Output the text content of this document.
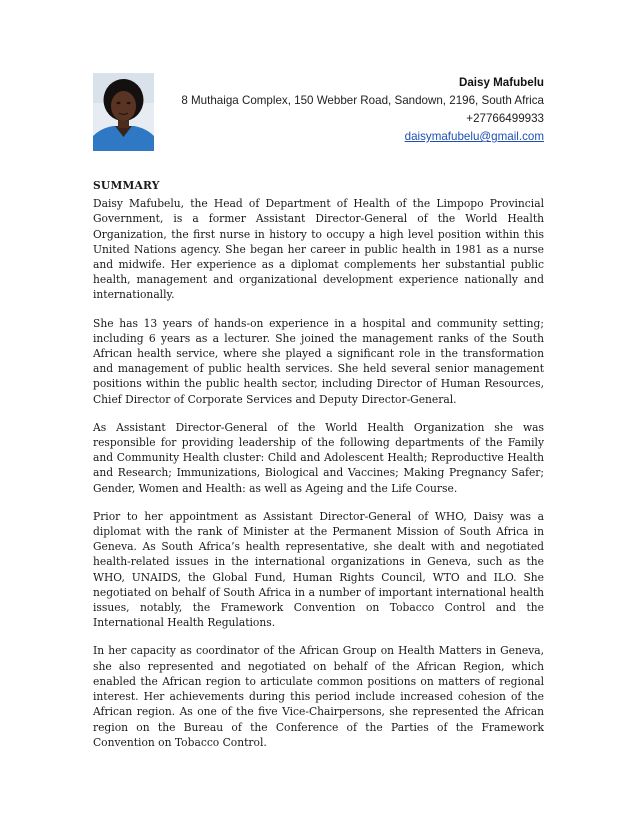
Daisy Mafubelu
8 Muthaiga Complex, 150 Webber Road, Sandown, 2196, South Africa
+27766499933
daisymafubelu@gmail.com
SUMMARY

Daisy Mafubelu, the Head of Department of Health of the Limpopo Provincial Government, is a former Assistant Director-General of the World Health Organization, the first nurse in history to occupy a high level position within this United Nations agency. She began her career in public health in 1981 as a nurse and midwife. Her experience as a diplomat complements her substantial public health, management and organizational development experience nationally and internationally.

She has 13 years of hands-on experience in a hospital and community setting; including 6 years as a lecturer. She joined the management ranks of the South African health service, where she played a significant role in the transformation and management of public health services. She held several senior management positions within the public health sector, including Director of Human Resources, Chief Director of Corporate Services and Deputy Director-General.

As Assistant Director-General of the World Health Organization she was responsible for providing leadership of the following departments of the Family and Community Health cluster: Child and Adolescent Health; Reproductive Health and Research; Immunizations, Biological and Vaccines; Making Pregnancy Safer; Gender, Women and Health: as well as Ageing and the Life Course.

Prior to her appointment as Assistant Director-General of WHO, Daisy was a diplomat with the rank of Minister at the Permanent Mission of South Africa in Geneva. As South Africa’s health representative, she dealt with and negotiated health-related issues in the international organizations in Geneva, such as the WHO, UNAIDS, the Global Fund, Human Rights Council, WTO and ILO. She negotiated on behalf of South Africa in a number of important international health issues, notably, the Framework Convention on Tobacco Control and the International Health Regulations.

In her capacity as coordinator of the African Group on Health Matters in Geneva, she also represented and negotiated on behalf of the African Region, which enabled the African region to articulate common positions on matters of regional interest. Her achievements during this period include increased cohesion of the African region. As one of the five Vice-Chairpersons, she represented the African region on the Bureau of the Conference of the Parties of the Framework Convention on Tobacco Control.
